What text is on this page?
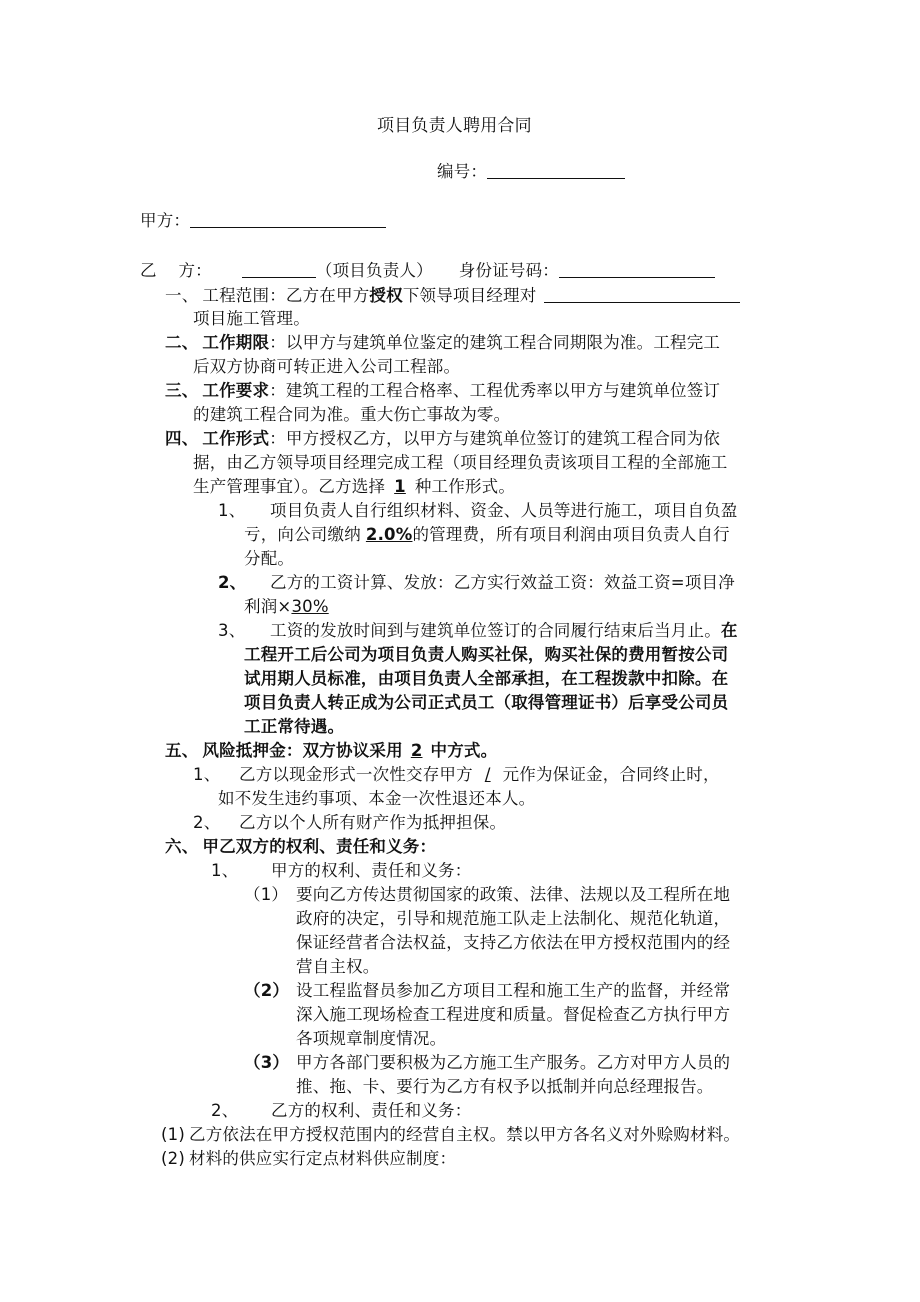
项目负责人聘用合同
编号：
甲方：
乙    方：	（项目负责人） 身份证号码：
一、 工程范围：乙方在甲方授权下领导项目经理对
项目施工管理。
二、 工作期限：以甲方与建筑单位鉴定的建筑工程合同期限为准。工程完工
后双方协商可转正进入公司工程部。
三、 工作要求：建筑工程的工程合格率、工程优秀率以甲方与建筑单位签订
的建筑工程合同为准。重大伤亡事故为零。
四、 工作形式：甲方授权乙方，以甲方与建筑单位签订的建筑工程合同为依
据，由乙方领导项目经理完成工程（项目经理负责该项目工程的全部施工
生产管理事宜）。乙方选择 1 种工作形式。
1、 项目负责人自行组织材料、资金、人员等进行施工，项目自负盈
亏，向公司缴纳 2.0%的管理费，所有项目利润由项目负责人自行
分配。
2、 乙方的工资计算、发放：乙方实行效益工资：效益工资=项目净
利润×30%
3、 工资的发放时间到与建筑单位签订的合同履行结束后当月止。在
工程开工后公司为项目负责人购买社保，购买社保的费用暂按公司
试用期人员标准，由项目负责人全部承担，在工程拨款中扣除。在
项目负责人转正成为公司正式员工（取得管理证书）后享受公司员
工正常待遇。
五、 风险抵押金：双方协议采用 2 中方式。
1、 乙方以现金形式一次性交存甲方 / 元作为保证金，合同终止时，
如不发生违约事项、本金一次性退还本人。
2、 乙方以个人所有财产作为抵押担保。
六、 甲乙双方的权利、责任和义务：
1、 甲方的权利、责任和义务：
（1） 要向乙方传达贯彻国家的政策、法律、法规以及工程所在地
政府的决定，引导和规范施工队走上法制化、规范化轨道，
保证经营者合法权益，支持乙方依法在甲方授权范围内的经
营自主权。
（2） 设工程监督员参加乙方项目工程和施工生产的监督，并经常
深入施工现场检查工程进度和质量。督促检查乙方执行甲方
各项规章制度情况。
（3） 甲方各部门要积极为乙方施工生产服务。乙方对甲方人员的
推、拖、卡、要行为乙方有权予以抵制并向总经理报告。
2、 乙方的权利、责任和义务：
(1) 乙方依法在甲方授权范围内的经营自主权。禁以甲方各名义对外赊购材料。
(2) 材料的供应实行定点材料供应制度：
